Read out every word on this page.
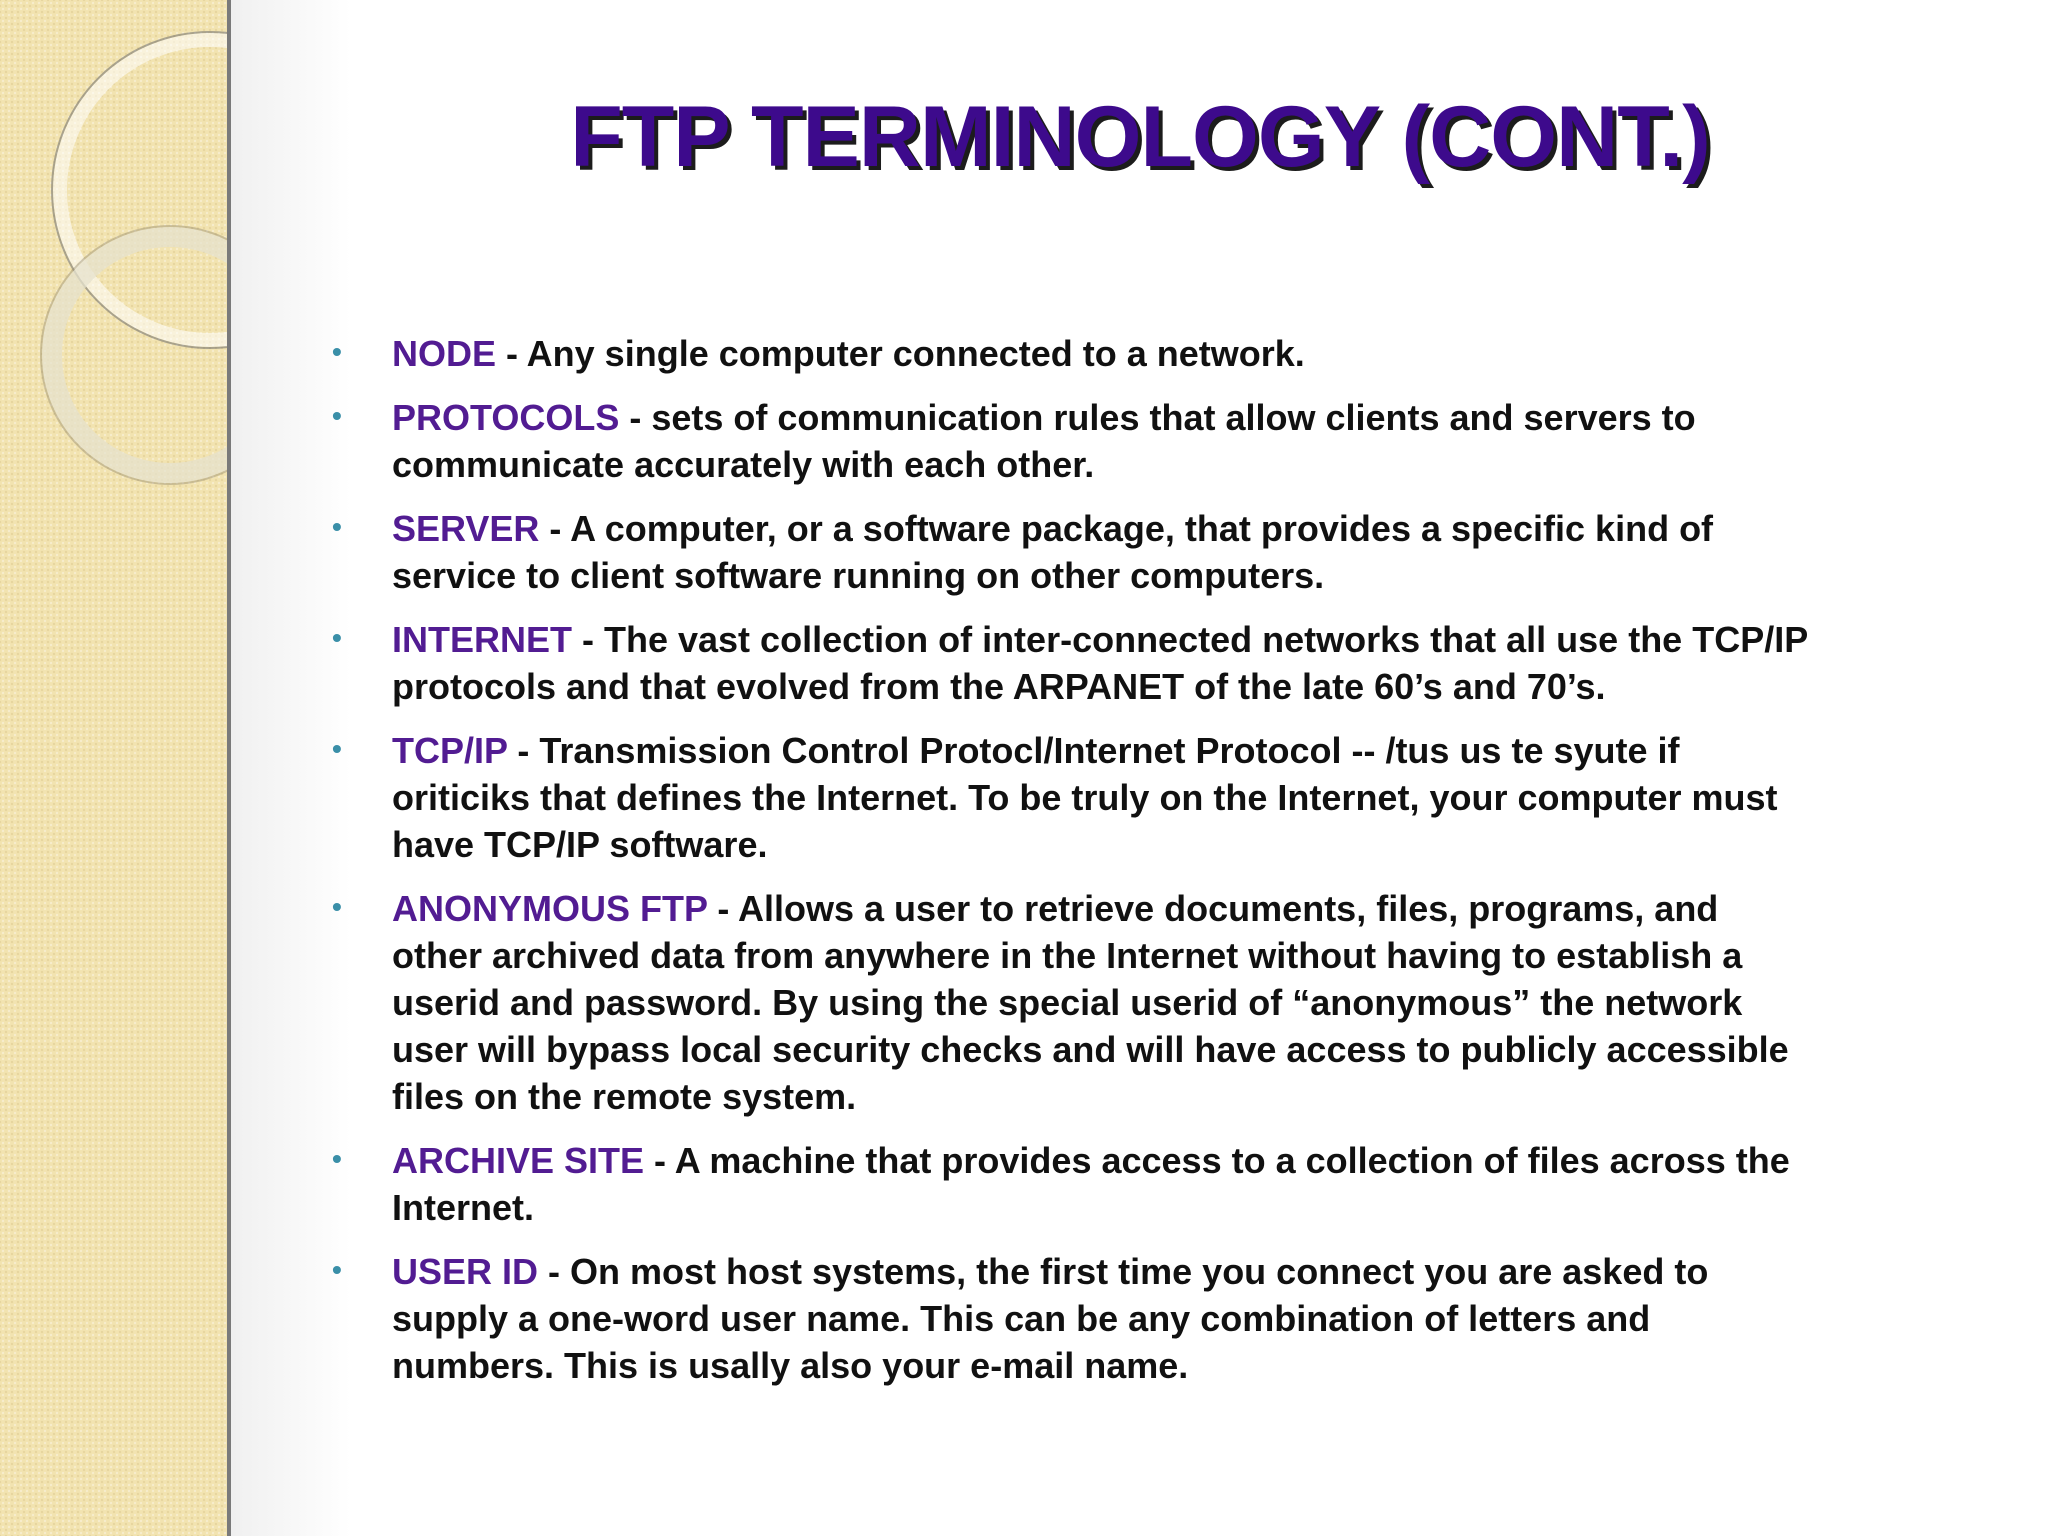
FTP TERMINOLOGY (CONT.)
• NODE - Any single computer connected to a network.
• PROTOCOLS - sets of communication rules that allow clients and servers to communicate accurately with each other.
• SERVER - A computer, or a software package, that provides a specific kind of service to client software running on other computers.
• INTERNET - The vast collection of inter-connected networks that all use the TCP/IP protocols and that evolved from the ARPANET of the late 60’s and 70’s.
• TCP/IP - Transmission Control Protocl/Internet Protocol -- /tus us te syute if oriticiks that defines the Internet. To be truly on the Internet, your computer must have TCP/IP software.
• ANONYMOUS FTP - Allows a user to retrieve documents, files, programs, and other archived data from anywhere in the Internet without having to establish a userid and password. By using the special userid of “anonymous” the network user will bypass local security checks and will have access to publicly accessible files on the remote system.
• ARCHIVE SITE - A machine that provides access to a collection of files across the Internet.
• USER ID - On most host systems, the first time you connect you are asked to supply a one-word user name. This can be any combination of letters and numbers. This is usally also your e-mail name.
